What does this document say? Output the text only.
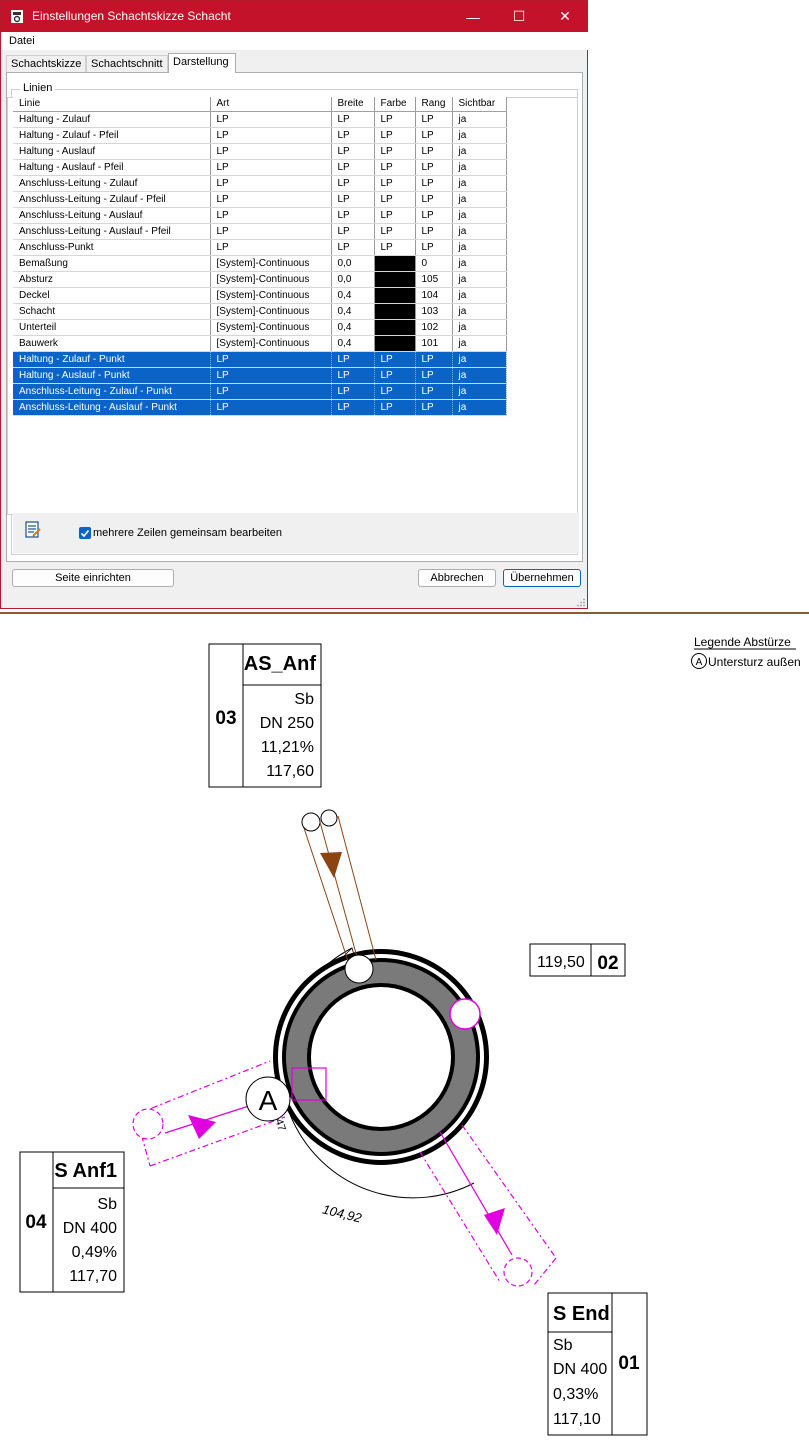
Einstellungen Schachtskizze Schacht	—	☐	✕
Datei
Schachtskizze Schachtschnitt Darstellung
Linien
Linie	Art	Breite	Farbe	Rang	Sichtbar
Haltung - Zulauf	LP	LP	LP	LP	ja
Haltung - Zulauf - Pfeil	LP	LP	LP	LP	ja
Haltung - Auslauf	LP	LP	LP	LP	ja
Haltung - Auslauf - Pfeil	LP	LP	LP	LP	ja
Anschluss-Leitung - Zulauf	LP	LP	LP	LP	ja
Anschluss-Leitung - Zulauf - Pfeil	LP	LP	LP	LP	ja
Anschluss-Leitung - Auslauf	LP	LP	LP	LP	ja
Anschluss-Leitung - Auslauf - Pfeil	LP	LP	LP	LP	ja
Anschluss-Punkt	LP	LP	LP	LP	ja
Bemaßung	[System]-Continuous	0,0		0	ja
Absturz	[System]-Continuous	0,0		105	ja
Deckel	[System]-Continuous	0,4		104	ja
Schacht	[System]-Continuous	0,4		103	ja
Unterteil	[System]-Continuous	0,4		102	ja
Bauwerk	[System]-Continuous	0,4		101	ja
Haltung - Zulauf - Punkt	LP	LP	LP	LP	ja
Haltung - Auslauf - Punkt	LP	LP	LP	LP	ja
Anschluss-Leitung - Zulauf - Punkt	LP	LP	LP	LP	ja
Anschluss-Leitung - Auslauf - Punkt	LP	LP	LP	LP	ja
mehrere Zeilen gemeinsam bearbeiten
Seite einrichten	Abbrechen	Übernehmen
Legende Abstürze
A Untersturz außen
03
AS_Anf
Sb
DN 250
11,21%
117,60
119,50 02
04
S Anf1
Sb
DN 400
0,49%
117,70
01
S End
Sb
DN 400
0,33%
117,10
104,92
47
A
